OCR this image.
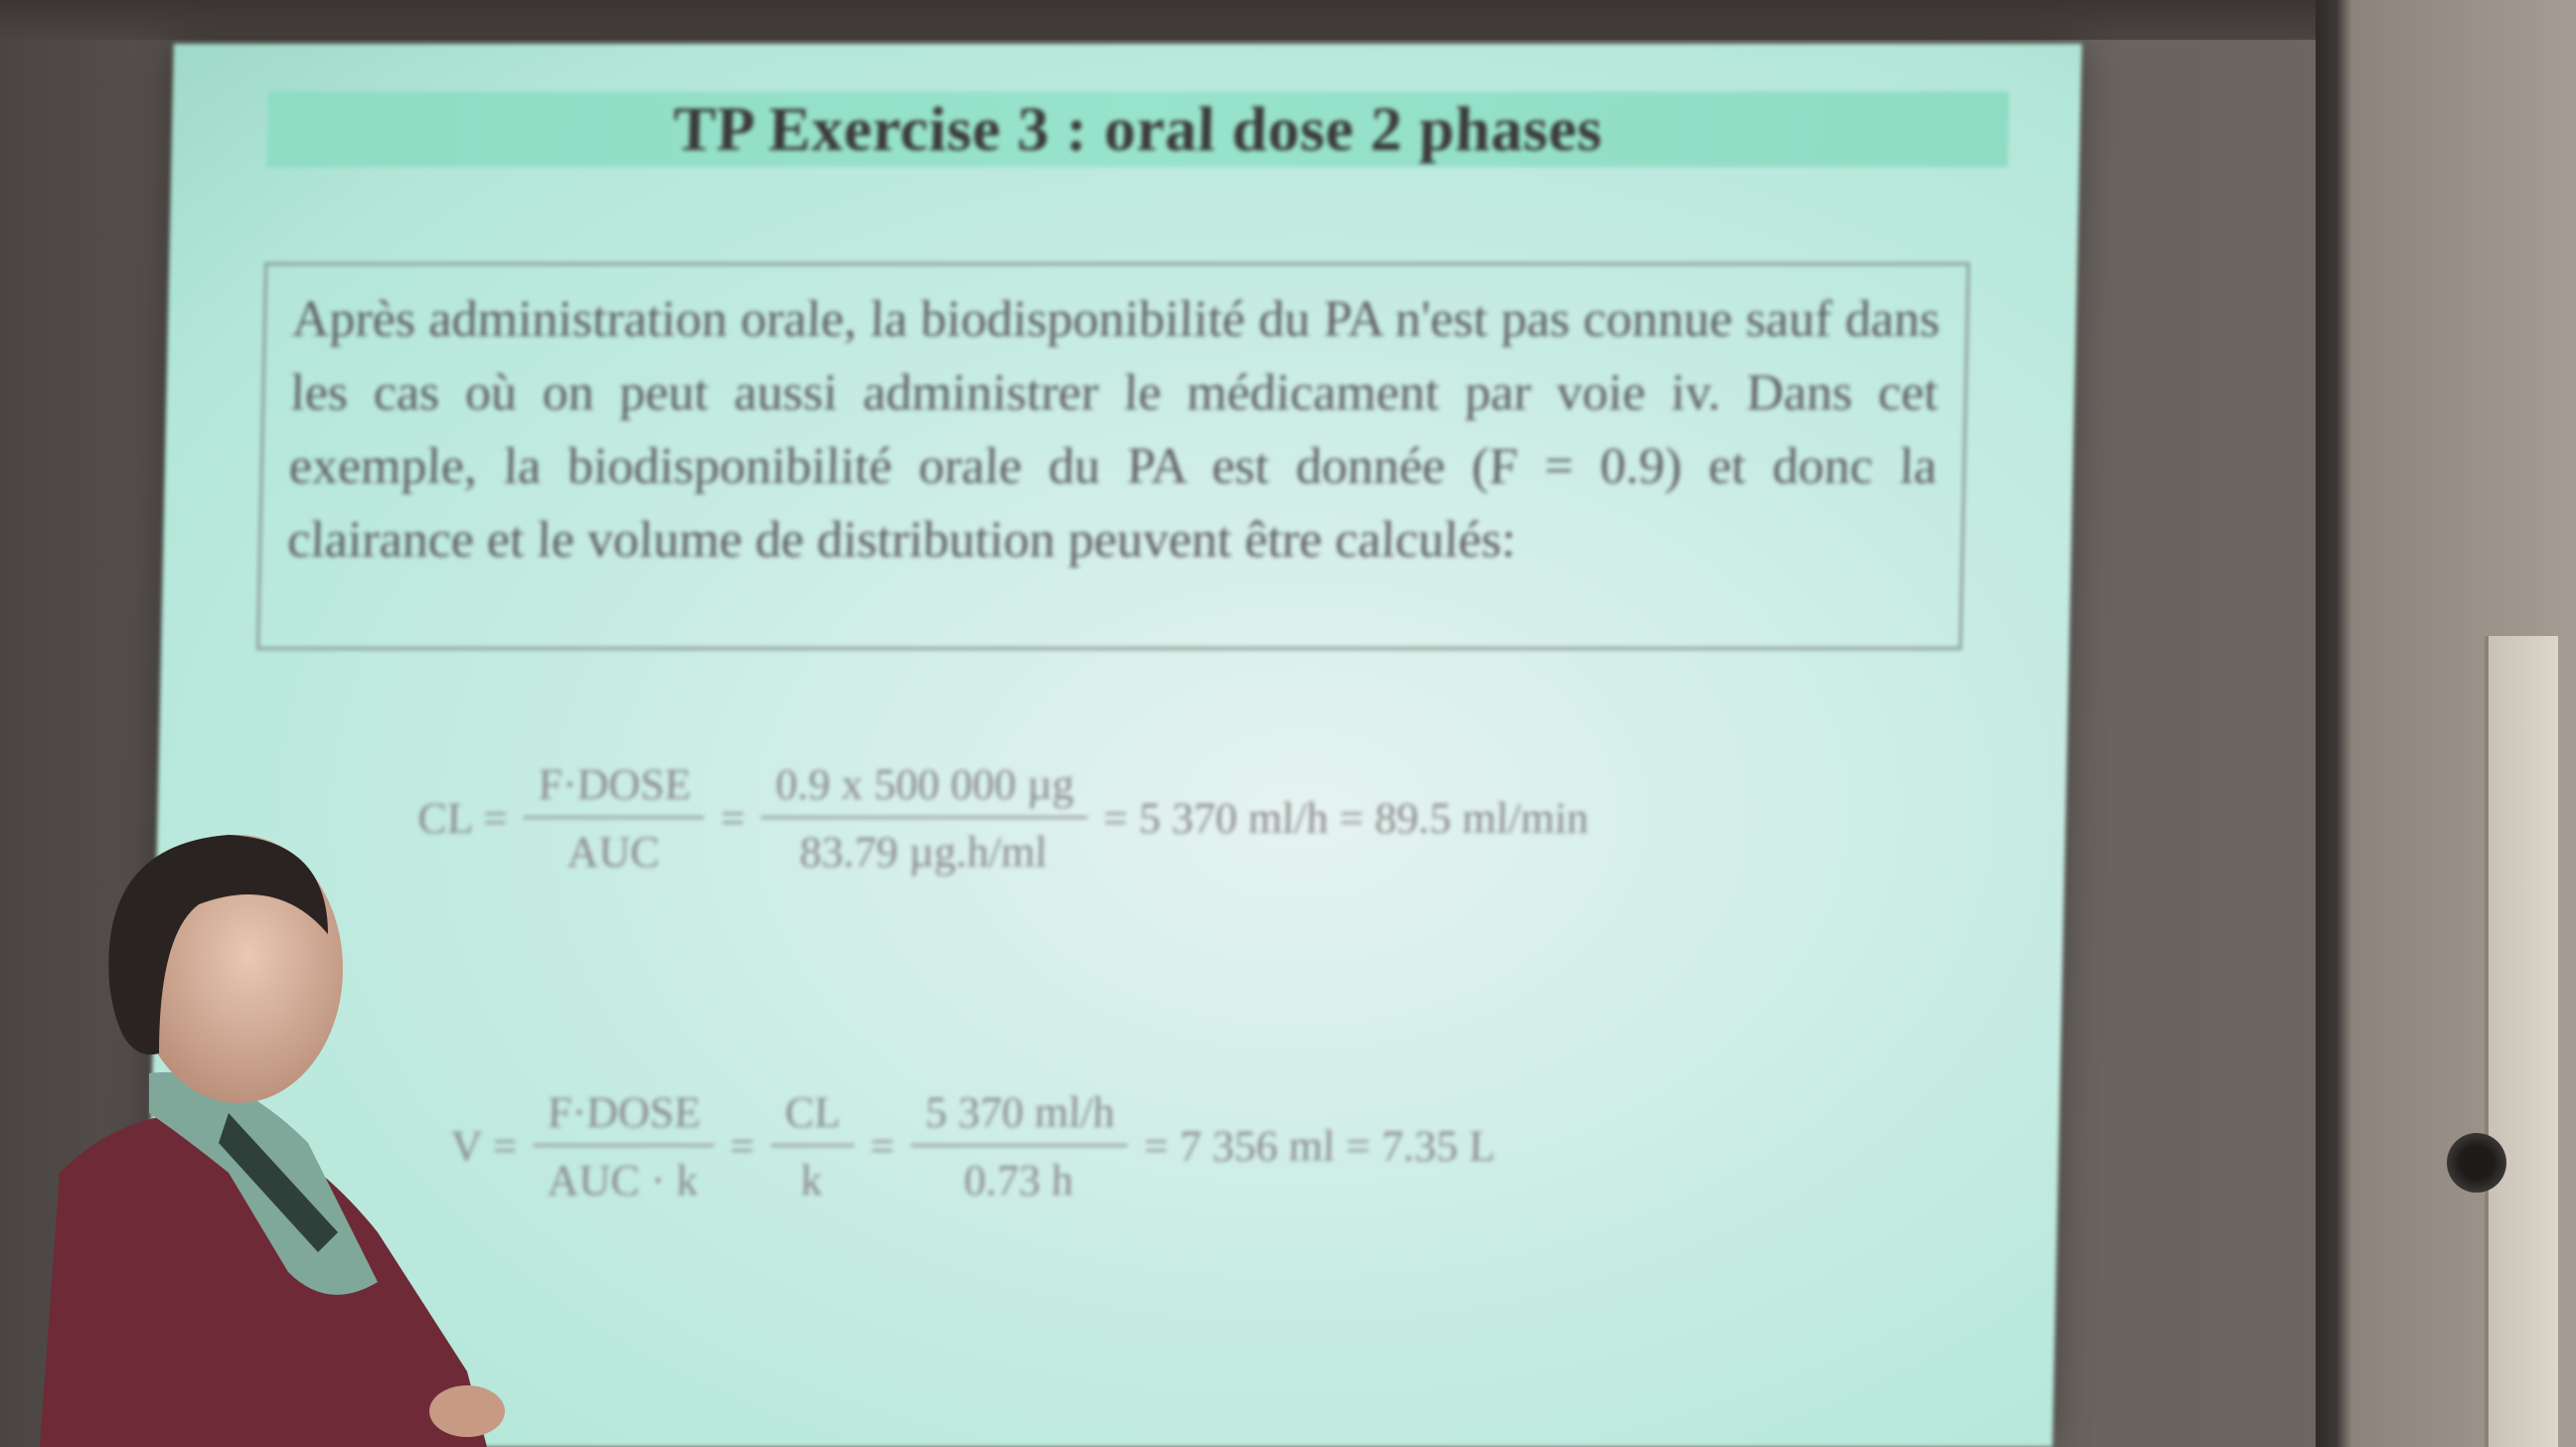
TP Exercise 3 : oral dose 2 phases

Après administration orale, la biodisponibilité du PA n'est pas connue sauf dans les cas où on peut aussi administrer le médicament par voie iv. Dans cet exemple, la biodisponibilité orale du PA est donnée (F = 0.9) et donc la clairance et le volume de distribution peuvent être calculés:

CL = $\frac{\text{F·DOSE}}{\text{AUC}} = \frac{\text{0.9 x 500 000 µg}}{\text{83.79 µg.h/ml}} = 5$ 370 ml/h = 89.5 ml/min
$V = \frac{\text{F·DOSE}}{\text{AUC · k}} = \frac{CL}{k} = \frac{5 370 ml/h}{0.73 h} = 7$ 356 ml = 7.35 L
